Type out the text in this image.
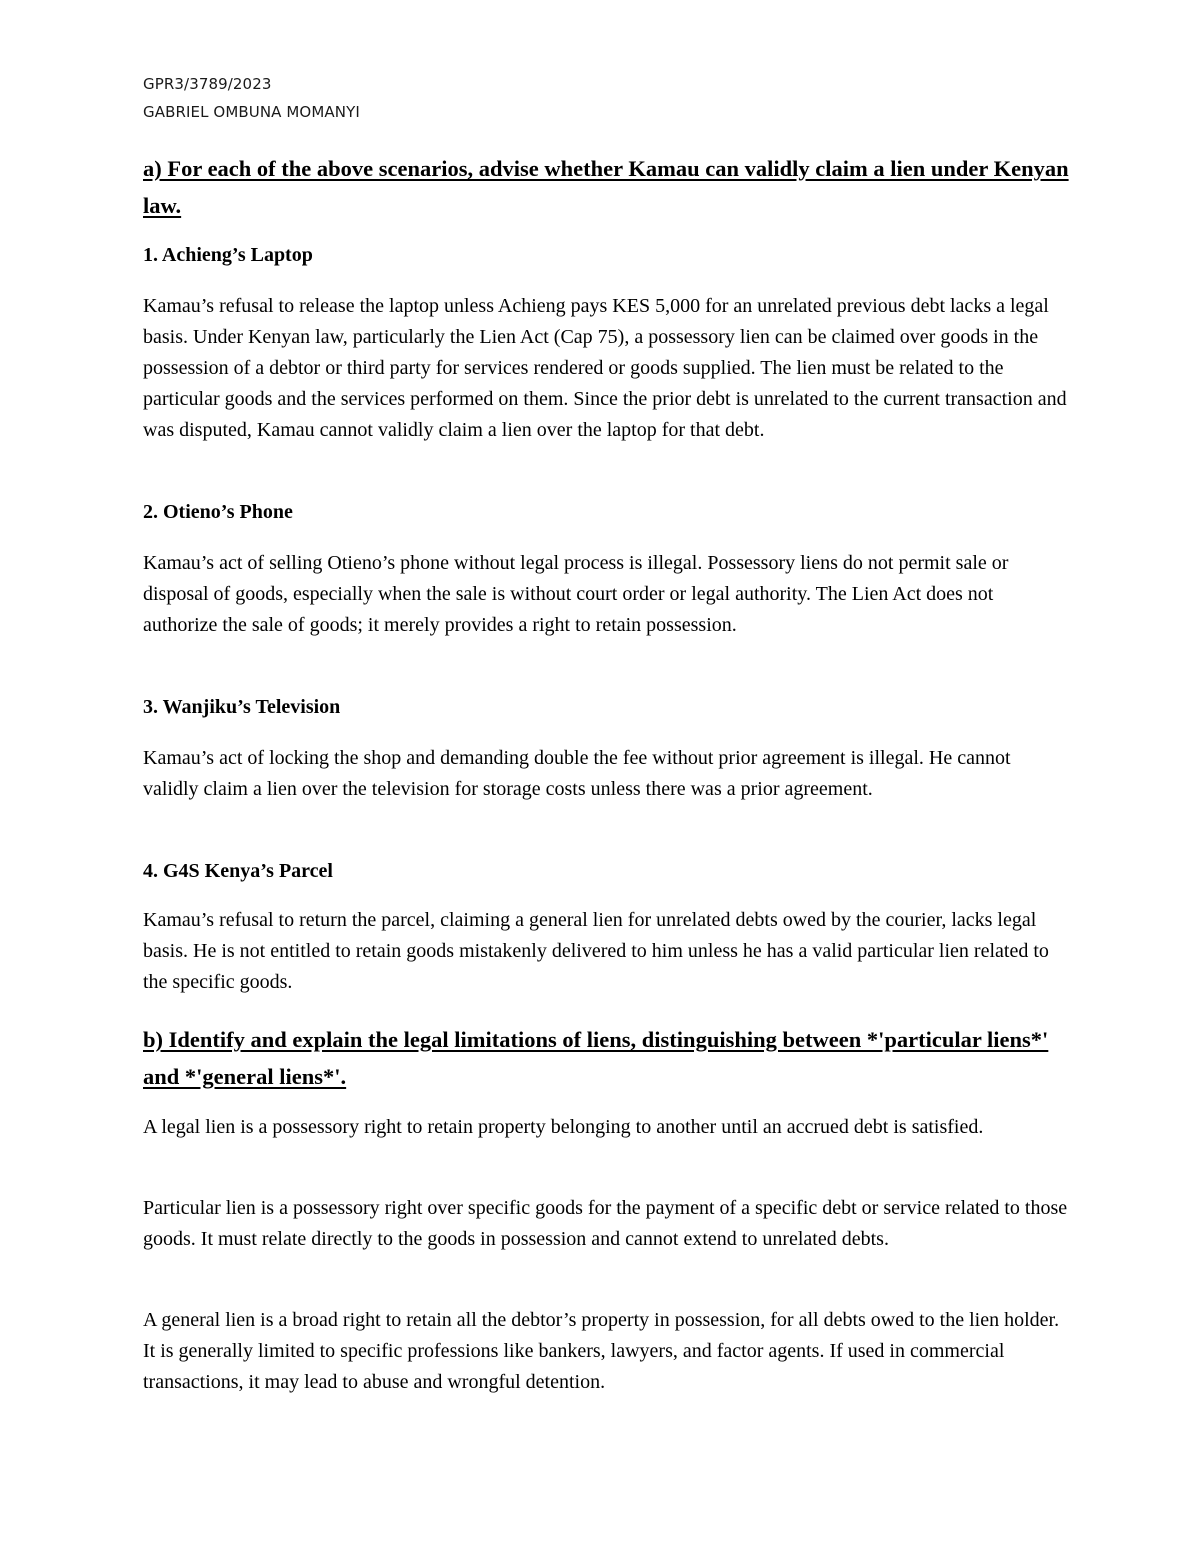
GPR3/3789/2023
GABRIEL OMBUNA MOMANYI
a) For each of the above scenarios, advise whether Kamau can validly claim a lien under Kenyan law.
1. Achieng’s Laptop

Kamau’s refusal to release the laptop unless Achieng pays KES 5,000 for an unrelated previous debt lacks a legal basis. Under Kenyan law, particularly the Lien Act (Cap 75), a possessory lien can be claimed over goods in the possession of a debtor or third party for services rendered or goods supplied. The lien must be related to the particular goods and the services performed on them. Since the prior debt is unrelated to the current transaction and was disputed, Kamau cannot validly claim a lien over the laptop for that debt.

2. Otieno’s Phone

Kamau’s act of selling Otieno’s phone without legal process is illegal. Possessory liens do not permit sale or disposal of goods, especially when the sale is without court order or legal authority. The Lien Act does not authorize the sale of goods; it merely provides a right to retain possession.

3. Wanjiku’s Television

Kamau’s act of locking the shop and demanding double the fee without prior agreement is illegal. He cannot validly claim a lien over the television for storage costs unless there was a prior agreement.

4. G4S Kenya’s Parcel

Kamau’s refusal to return the parcel, claiming a general lien for unrelated debts owed by the courier, lacks legal basis. He is not entitled to retain goods mistakenly delivered to him unless he has a valid particular lien related to the specific goods.

b) Identify and explain the legal limitations of liens, distinguishing between *'particular liens*' and *'general liens*'.

A legal lien is a possessory right to retain property belonging to another until an accrued debt is satisfied.

Particular lien is a possessory right over specific goods for the payment of a specific debt or service related to those goods. It must relate directly to the goods in possession and cannot extend to unrelated debts.

A general lien is a broad right to retain all the debtor’s property in possession, for all debts owed to the lien holder. It is generally limited to specific professions like bankers, lawyers, and factor agents. If used in commercial transactions, it may lead to abuse and wrongful detention.
